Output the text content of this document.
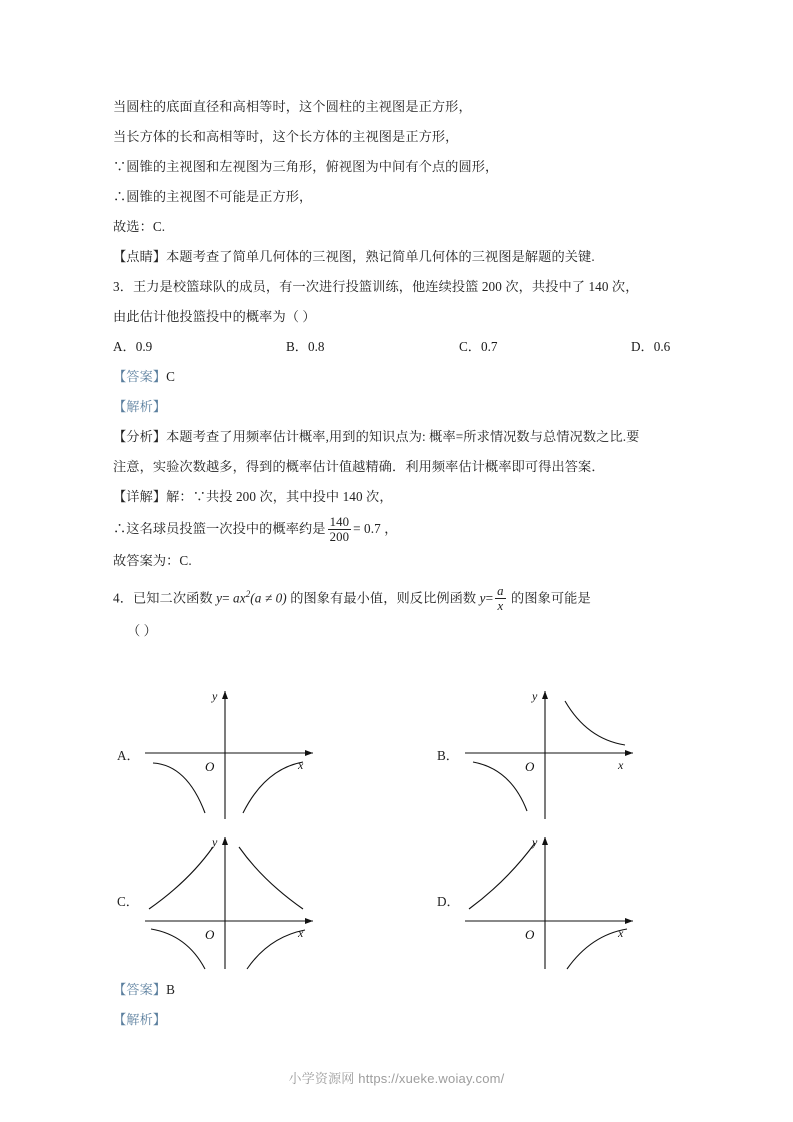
当圆柱的底面直径和高相等时，这个圆柱的主视图是正方形，
当长方体的长和高相等时，这个长方体的主视图是正方形，
∵圆锥的主视图和左视图为三角形，俯视图为中间有个点的圆形，
∴圆锥的主视图不可能是正方形，
故选：C.
【点睛】本题考查了简单几何体的三视图，熟记简单几何体的三视图是解题的关键.
3．王力是校篮球队的成员，有一次进行投篮训练，他连续投篮 200 次，共投中了 140 次，
由此估计他投篮投中的概率为（ ）
A．0.9	B．0.8	C．0.7	D．0.6
【答案】C
【解析】
【分析】本题考查了用频率估计概率,用到的知识点为: 概率=所求情况数与总情况数之比.要
注意，实验次数越多，得到的概率估计值越精确．利用频率估计概率即可得出答案．
【详解】解：∵共投 200 次，其中投中 140 次，
∴这名球员投篮一次投中的概率约是 $\frac{140}{200} = 0.7$ ，
故答案为：C.
4．已知二次函数 $y= ax^2(a \ne 0)$ 的图象有最小值，则反比例函数 $y= \frac{a}{x}$ 的图象可能是
（ ）
A．
O	x
y
B．
O	x
y
C．
O	x
y
D．
O	x
y
【答案】B
【解析】
小学资源网 https://xueke.woiay.com/
